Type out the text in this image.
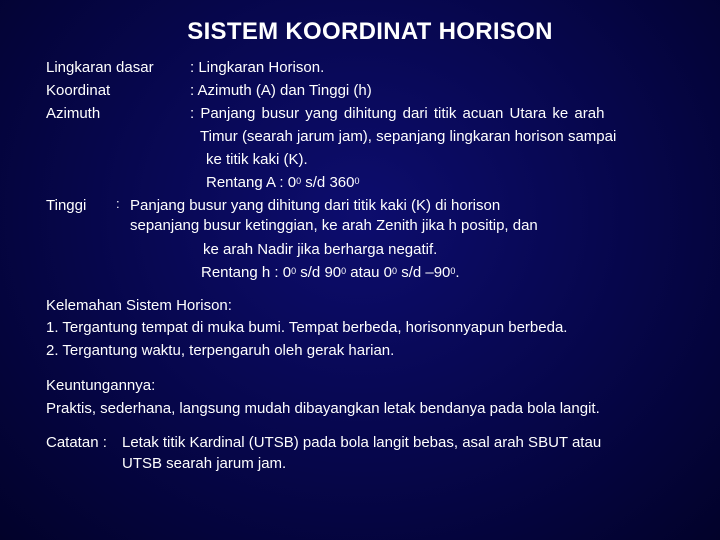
SISTEM KOORDINAT HORISON
Lingkaran dasar : Lingkaran Horison.
Koordinat	: Azimuth (A) dan Tinggi (h)
Azimuth	: Panjang busur yang dihitung dari titik acuan Utara ke arah
Timur (searah jarum jam), sepanjang lingkaran horison sampai
ke titik kaki (K).
Rentang A : $0^0$ s/d $360^0$
Tinggi : Panjang busur yang dihitung dari titik kaki (K) di horison
sepanjang busur ketinggian, ke arah Zenith jika h positip, dan
ke arah Nadir jika berharga negatif.
Rentang h : $0^0$ s/d $90^0$ atau $0^0$ s/d $-90^0$.
Kelemahan Sistem Horison:
1. Tergantung tempat di muka bumi. Tempat berbeda, horisonnyapun berbeda.
2. Tergantung waktu, terpengaruh oleh gerak harian.
Keuntungannya:
Praktis, sederhana, langsung mudah dibayangkan letak bendanya pada bola langit.
Catatan : Letak titik Kardinal (UTSB) pada bola langit bebas, asal arah SBUT atau
UTSB searah jarum jam.
